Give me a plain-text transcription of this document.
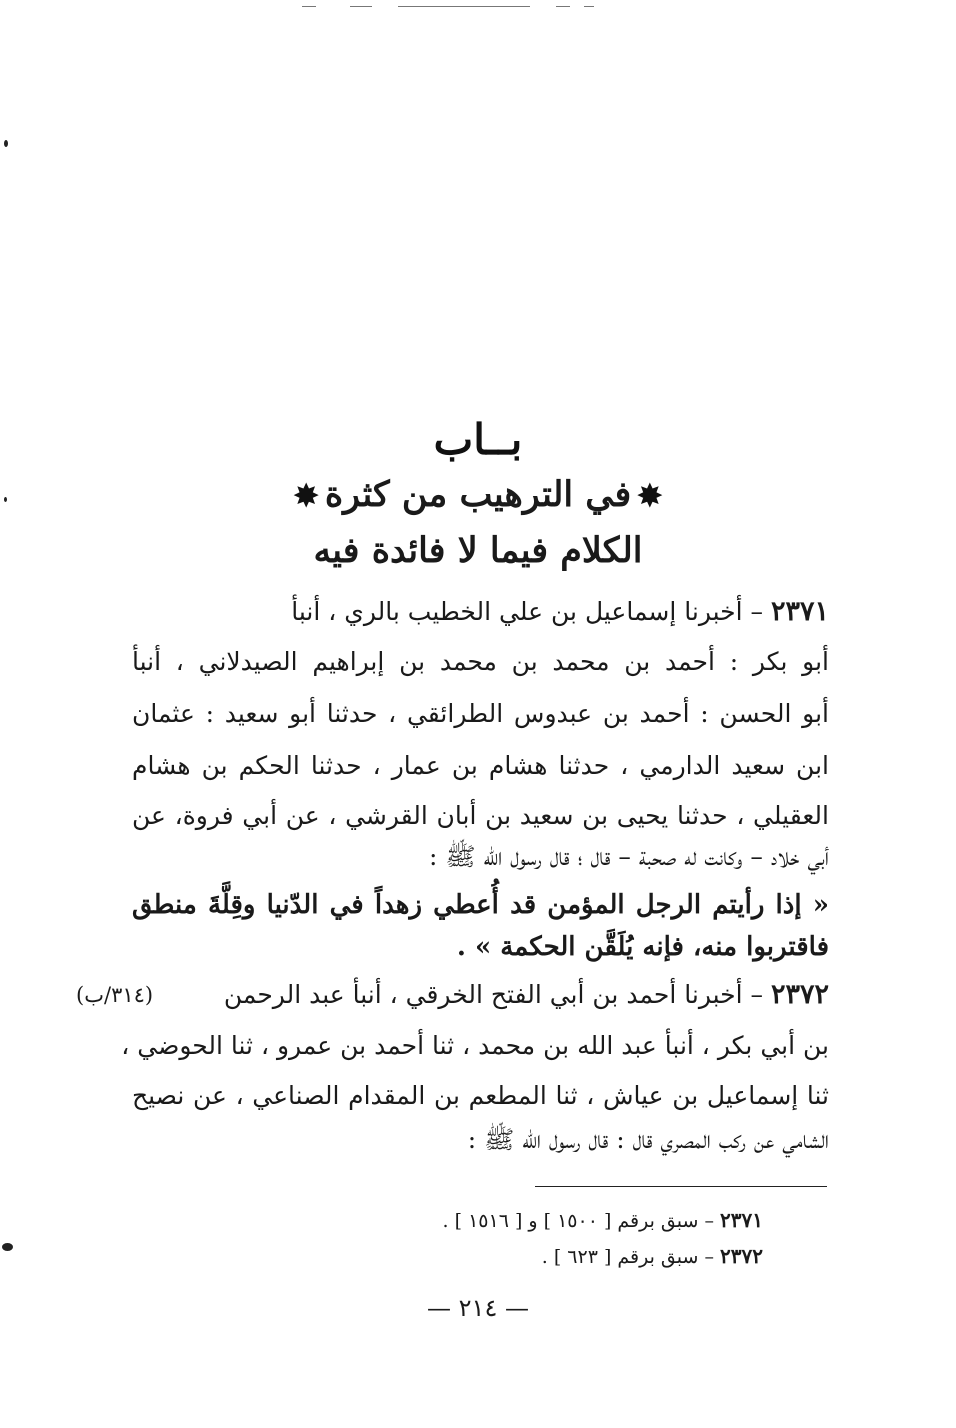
بــاب
✸في الترهيب من كثرة✸
الكلام فيما لا فائدة فيه
٢٣٧١ – أخبرنا إسماعيل بن علي الخطيب بالري ، أنبأ
أبو بكر : أحمد بن محمد بن محمد بن إبراهيم الصيدلاني ، أنبأ
أبو الحسن : أحمد بن عبدوس الطرائقي ، حدثنا أبو سعيد : عثمان
ابن سعيد الدارمي ، حدثنا هشام بن عمار ، حدثنا الحكم بن هشام
العقيلي ، حدثنا يحيى بن سعيد بن أبان القرشي ، عن أبي فروة، عن
أبي خلاد – وكانت له صحبة – قال ؛ قال رسول الله ﷺ :
« إذا رأيتم الرجل المؤمن قد أُعطي زهداً في الدّنيا وقِلَّةَ منطق
فاقتربوا منه، فإنه يُلَقَّن الحكمة » .
٢٣٧٢ – أخبرنا أحمد بن أبي الفتح الخرقي ، أنبأ عبد الرحمن
(٣١٤/ب)
بن أبي بكر ، أنبأ عبد الله بن محمد ، ثنا أحمد بن عمرو ، ثنا الحوضي ،
ثنا إسماعيل بن عياش ، ثنا المطعم بن المقدام الصناعي ، عن نصيح
الشامي عن ركب المصري قال : قال رسول الله ﷺ :
٢٣٧١ – سبق برقم [ ١٥٠٠ ] و [ ١٥١٦ ] .
٢٣٧٢ – سبق برقم [ ٦٢٣ ] .
— ٢١٤ —
